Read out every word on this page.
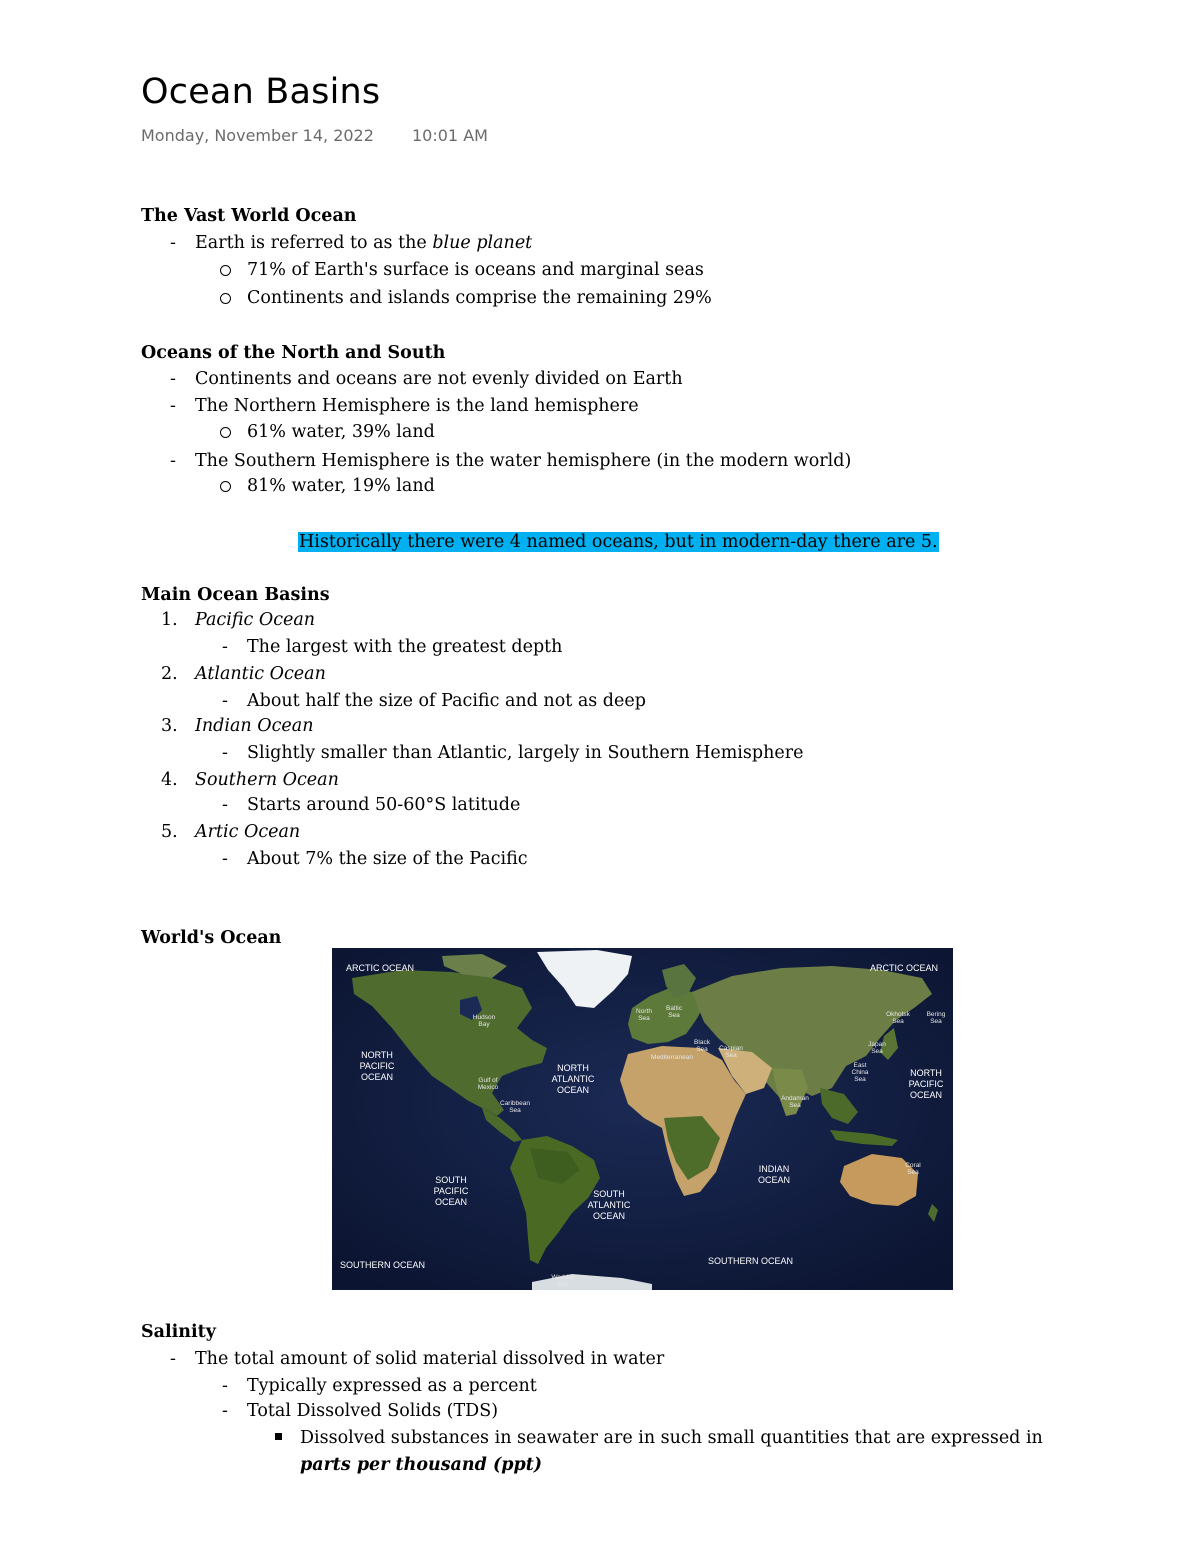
Ocean Basins
Monday, November 14, 2022 10:01 AM
The Vast World Ocean
- Earth is referred to as the blue planet
71% of Earth's surface is oceans and marginal seas
Continents and islands comprise the remaining 29%
Oceans of the North and South
- Continents and oceans are not evenly divided on Earth
- The Northern Hemisphere is the land hemisphere
61% water, 39% land
- The Southern Hemisphere is the water hemisphere (in the modern world)
81% water, 19% land
Historically there were 4 named oceans, but in modern-day there are 5.
Main Ocean Basins
1. Pacific Ocean
- The largest with the greatest depth
2. Atlantic Ocean
- About half the size of Pacific and not as deep
3. Indian Ocean
- Slightly smaller than Atlantic, largely in Southern Hemisphere
4. Southern Ocean
- Starts around 50-60°S latitude
5. Artic Ocean
- About 7% the size of the Pacific
World's Ocean
ARCTIC OCEAN	ARCTIC OCEAN
NORTH
PACIFIC
OCEAN
NORTH
ATLANTIC
OCEAN
NORTH
PACIFIC
OCEAN
SOUTH
PACIFIC
OCEAN
SOUTH
ATLANTIC
OCEAN
INDIAN
OCEAN
SOUTHERN OCEAN	SOUTHERN OCEAN
Hudson
Bay
Gulf of
Mexico
Caribbean
Sea
North
Sea
Baltic
Sea
Black
Sea Caspian
Sea
Mediterranean
Okhotsk
Sea
Bering
Sea
Japan
Sea
East
China
Sea
Andaman
Sea
Coral
Sea
Weddell
Sea
Salinity
- The total amount of solid material dissolved in water
- Typically expressed as a percent
- Total Dissolved Solids (TDS)
Dissolved substances in seawater are in such small quantities that are expressed in
parts per thousand (ppt)
